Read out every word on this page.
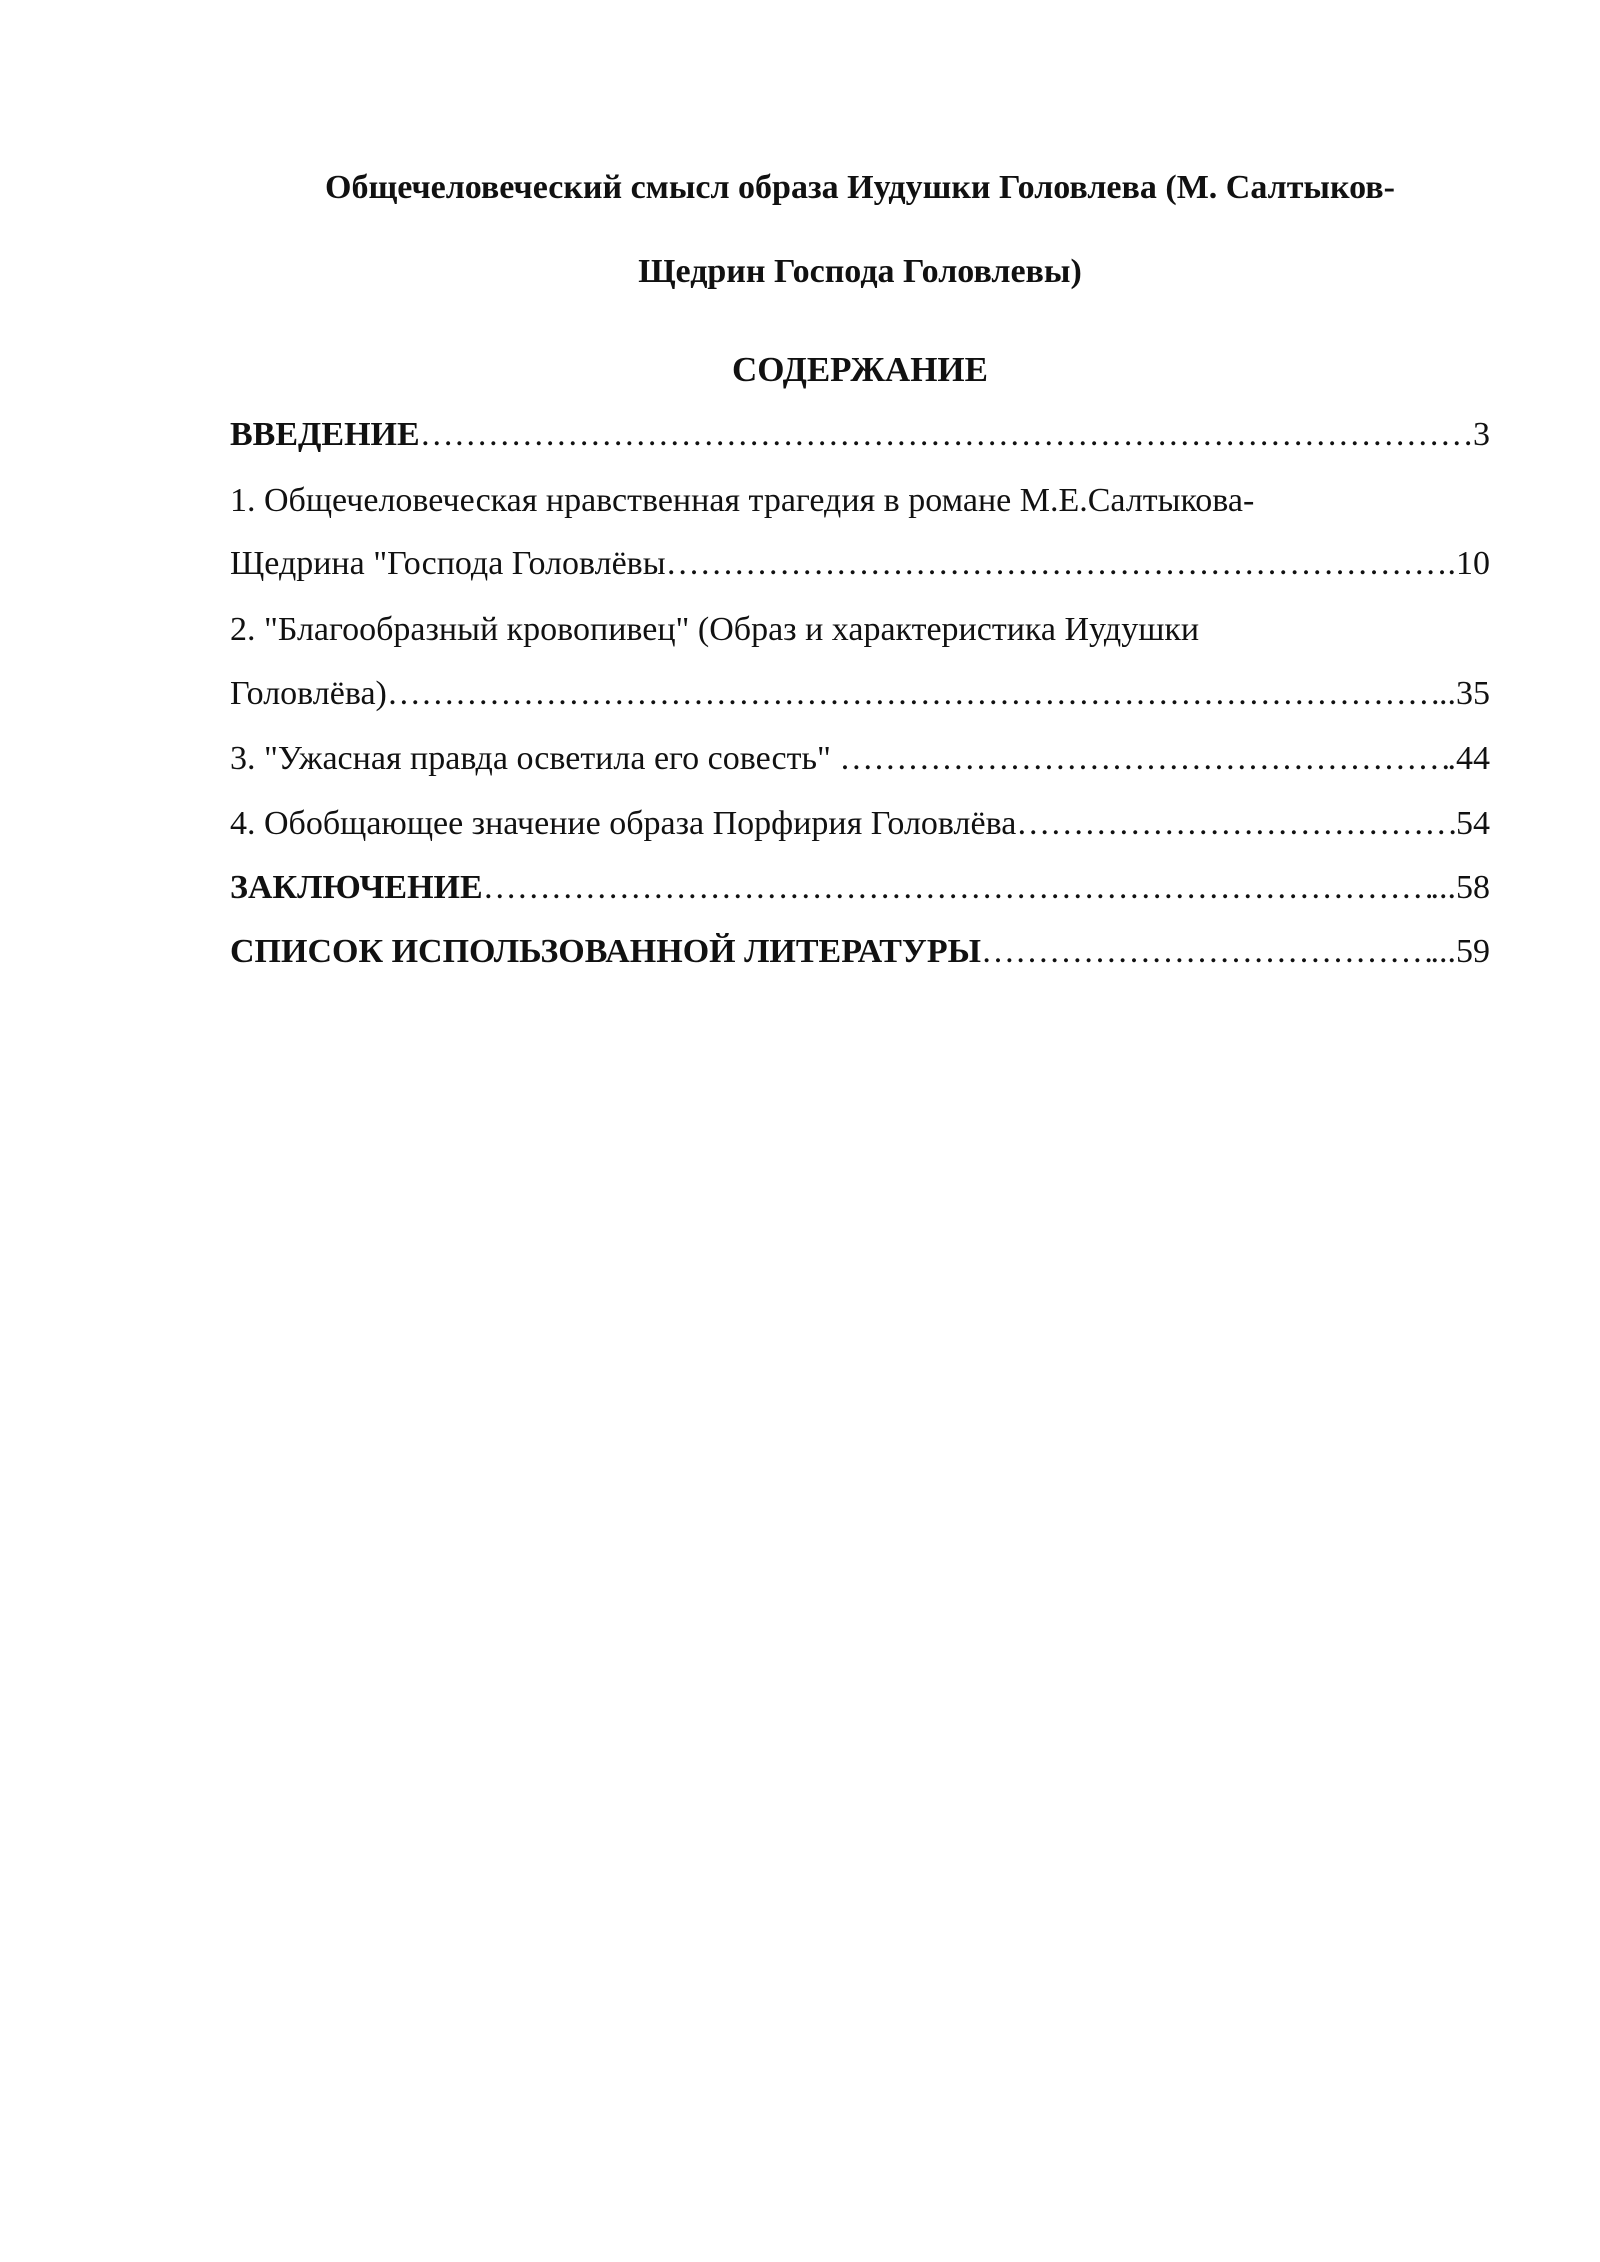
Общечеловеческий смысл образа Иудушки Головлева (М. Салтыков-
Щедрин Господа Головлевы)
СОДЕРЖАНИЕ
ВВЕДЕНИЕ ………………………………………………………………………………………………………………………………………………………………………………………………	3
1. Общечеловеческая нравственная трагедия в романе М.Е.Салтыкова-
Щедрина "Господа Головлёвы ………………………………………………………………………………………………………………………………………………………………………………………………	.10
2. "Благообразный кровопивец" (Образ и характеристика Иудушки
Головлёва) ………………………………………………………………………………………………………………………………………………………………………………………………	..35
3. "Ужасная правда осветила его совесть" ………………………………………………………………………………………………………………………………………………………………………………………………	.44
4. Обобщающее значение образа Порфирия Головлёва ………………………………………………………………………………………………………………………………………………………………………………………………	54
ЗАКЛЮЧЕНИЕ ………………………………………………………………………………………………………………………………………………………………………………………………	...58
СПИСОК ИСПОЛЬЗОВАННОЙ ЛИТЕРАТУРЫ ………………………………………………………………………………………………………………………………………………………………………………………………	...59
